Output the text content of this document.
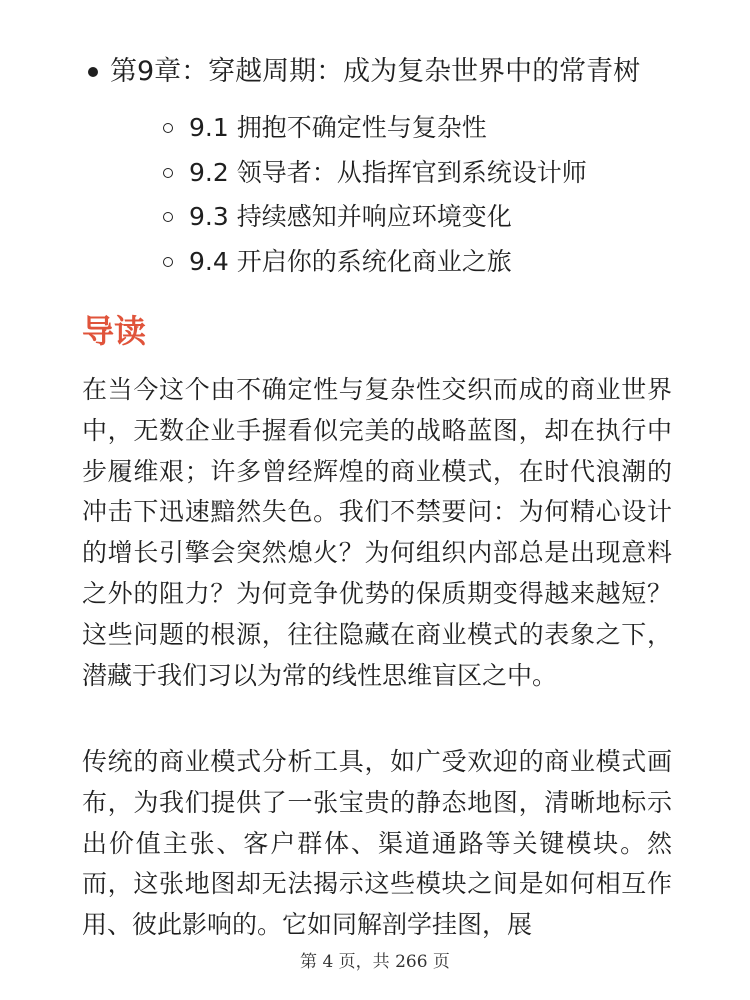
第9章：穿越周期：成为复杂世界中的常青树
9.1 拥抱不确定性与复杂性
9.2 领导者：从指挥官到系统设计师
9.3 持续感知并响应环境变化
9.4 开启你的系统化商业之旅
导读

在当今这个由不确定性与复杂性交织而成的商业世界中，无数企业手握看似完美的战略蓝图，却在执行中步履维艰；许多曾经辉煌的商业模式，在时代浪潮的冲击下迅速黯然失色。我们不禁要问：为何精心设计的增长引擎会突然熄火？为何组织内部总是出现意料之外的阻力？为何竞争优势的保质期变得越来越短？这些问题的根源，往往隐藏在商业模式的表象之下，潜藏于我们习以为常的线性思维盲区之中。

传统的商业模式分析工具，如广受欢迎的商业模式画布，为我们提供了一张宝贵的静态地图，清晰地标示出价值主张、客户群体、渠道通路等关键模块。然而，这张地图却无法揭示这些模块之间是如何相互作用、彼此影响的。它如同解剖学挂图，展

第 4 页，共 266 页
